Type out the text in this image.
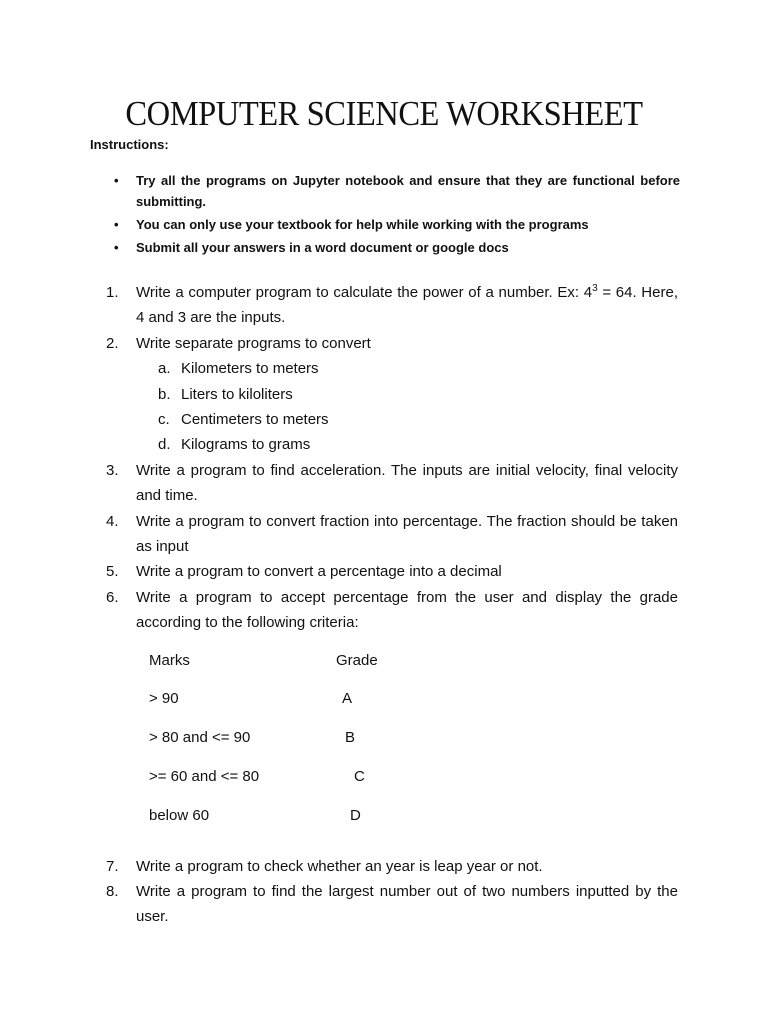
COMPUTER SCIENCE WORKSHEET
Instructions:
• Try all the programs on Jupyter notebook and ensure that they are functional before submitting.
• You can only use your textbook for help while working with the programs
• Submit all your answers in a word document or google docs
1. Write a computer program to calculate the power of a number. Ex: $4^3 = 64$. Here, 4 and 3 are the inputs.
2. Write separate programs to convert
a. Kilometers to meters
b. Liters to kiloliters
c. Centimeters to meters
d. Kilograms to grams
3. Write a program to find acceleration. The inputs are initial velocity, final velocity and time.
4. Write a program to convert fraction into percentage. The fraction should be taken as input
5. Write a program to convert a percentage into a decimal
6. Write a program to accept percentage from the user and display the grade according to the following criteria:
Marks	Grade
> 90	A
> 80 and <= 90	B
>= 60 and <= 80	C
below 60	D
7. Write a program to check whether an year is leap year or not.
8. Write a program to find the largest number out of two numbers inputted by the user.
